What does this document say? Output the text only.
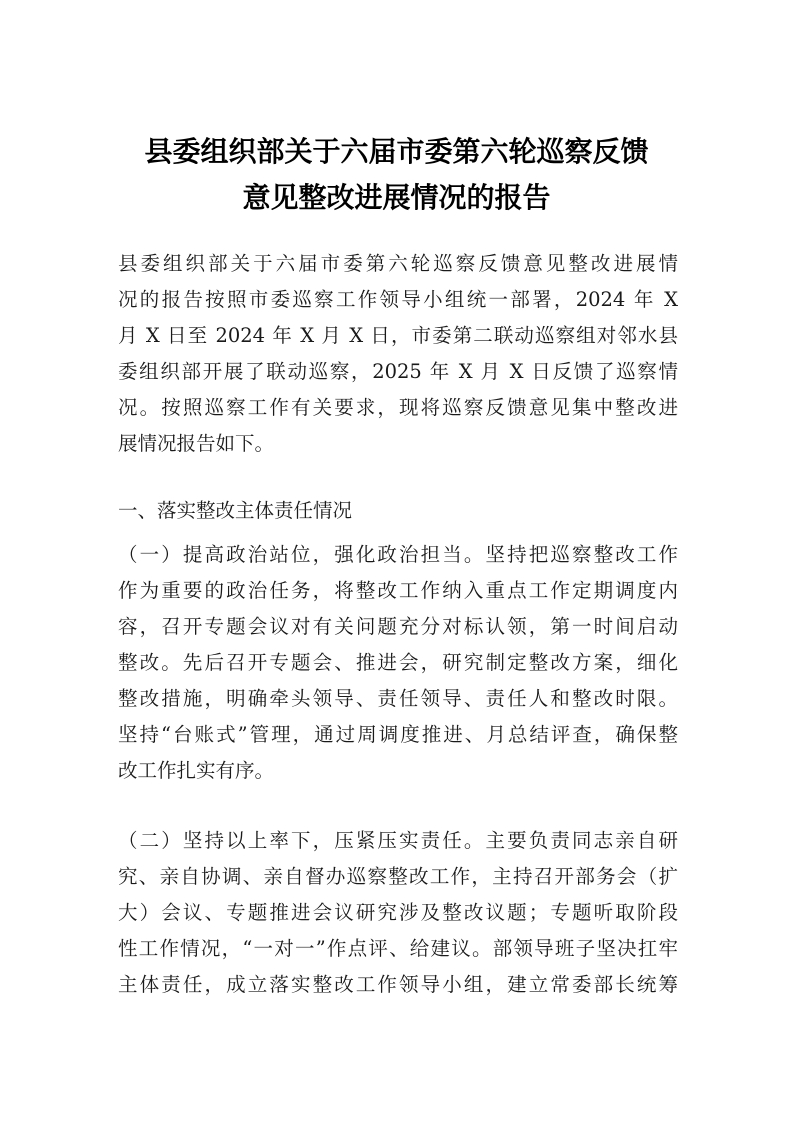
县委组织部关于六届市委第六轮巡察反馈
意见整改进展情况的报告
县委组织部关于六届市委第六轮巡察反馈意见整改进展情
况的报告按照市委巡察工作领导小组统一部署，2024 年 X
月 X 日至 2024 年 X 月 X 日，市委第二联动巡察组对邻水县
委组织部开展了联动巡察，2025 年 X 月 X 日反馈了巡察情
况。按照巡察工作有关要求，现将巡察反馈意见集中整改进
展情况报告如下。
一、落实整改主体责任情况
（一）提高政治站位，强化政治担当。坚持把巡察整改工作
作为重要的政治任务，将整改工作纳入重点工作定期调度内
容，召开专题会议对有关问题充分对标认领，第一时间启动
整改。先后召开专题会、推进会，研究制定整改方案，细化
整改措施，明确牵头领导、责任领导、责任人和整改时限。
坚持“台账式”管理，通过周调度推进、月总结评查，确保整
改工作扎实有序。
（二）坚持以上率下，压紧压实责任。主要负责同志亲自研
究、亲自协调、亲自督办巡察整改工作，主持召开部务会（扩
大）会议、专题推进会议研究涉及整改议题；专题听取阶段
性工作情况，“一对一”作点评、给建议。部领导班子坚决扛牢
主体责任，成立落实整改工作领导小组，建立常委部长统筹
